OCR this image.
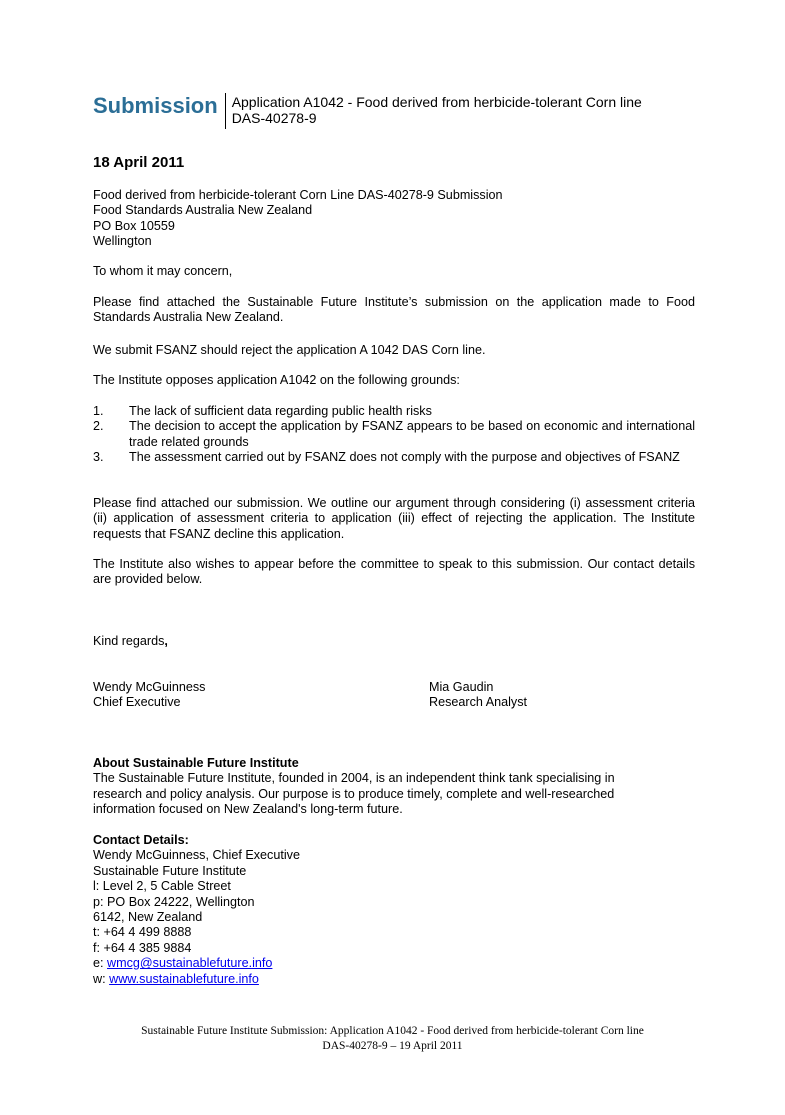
Submission	Application A1042 - Food derived from herbicide-tolerant Corn line
DAS-40278-9
18 April 2011
Food derived from herbicide-tolerant Corn Line DAS-40278-9 Submission
Food Standards Australia New Zealand
PO Box 10559
Wellington
To whom it may concern,
Please find attached the Sustainable Future Institute’s submission on the application made to Food Standards Australia New Zealand.
We submit FSANZ should reject the application A 1042 DAS Corn line.
The Institute opposes application A1042 on the following grounds:
1.	The lack of sufficient data regarding public health risks
2.	The decision to accept the application by FSANZ appears to be based on economic and international trade related grounds
3.	The assessment carried out by FSANZ does not comply with the purpose and objectives of FSANZ
Please find attached our submission. We outline our argument through considering (i) assessment criteria (ii) application of assessment criteria to application (iii) effect of rejecting the application. The Institute requests that FSANZ decline this application.
The Institute also wishes to appear before the committee to speak to this submission. Our contact details are provided below.
Kind regards,
Wendy McGuinness
Chief Executive
Mia Gaudin
Research Analyst
About Sustainable Future Institute
The Sustainable Future Institute, founded in 2004, is an independent think tank specialising in research and policy analysis. Our purpose is to produce timely, complete and well-researched information focused on New Zealand's long-term future.
Contact Details:
Wendy McGuinness, Chief Executive
Sustainable Future Institute
l: Level 2, 5 Cable Street
p: PO Box 24222, Wellington
6142, New Zealand
t: +64 4 499 8888
f: +64 4 385 9884
e: wmcg@sustainablefuture.info
w: www.sustainablefuture.info
Sustainable Future Institute Submission: Application A1042 - Food derived from herbicide-tolerant Corn line
DAS-40278-9 – 19 April 2011
